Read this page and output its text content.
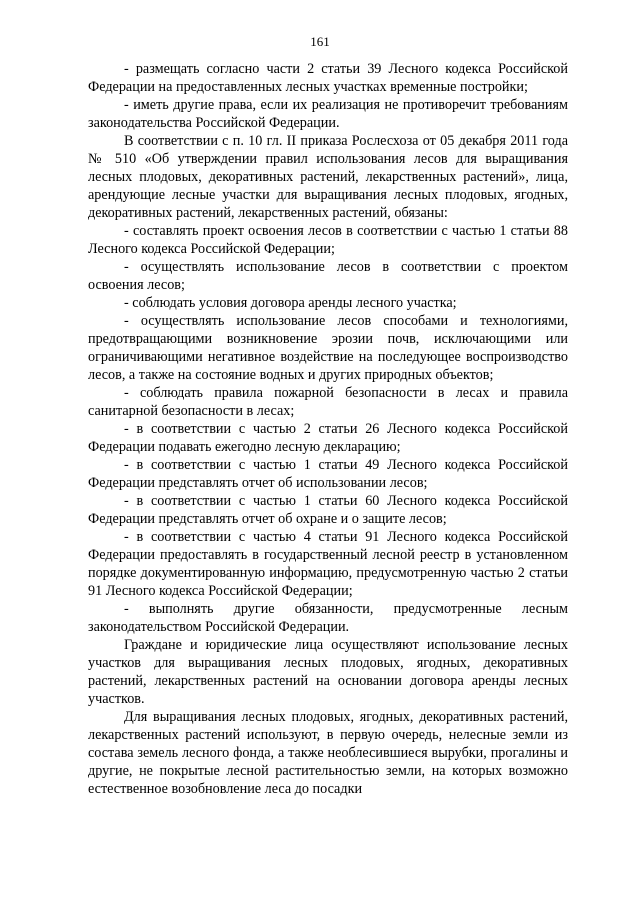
161

- размещать согласно части 2 статьи 39 Лесного кодекса Российской Федерации на предоставленных лесных участках временные постройки;

- иметь другие права, если их реализация не противоречит требованиям законодательства Российской Федерации.

В соответствии с п. 10 гл. II приказа Рослесхоза от 05 декабря 2011 года № 510 «Об утверждении правил использования лесов для выращивания лесных плодовых, декоративных растений, лекарственных растений», лица, арендующие лесные участки для выращивания лесных плодовых, ягодных, декоративных растений, лекарственных растений, обязаны:

- составлять проект освоения лесов в соответствии с частью 1 статьи 88 Лесного кодекса Российской Федерации;

- осуществлять использование лесов в соответствии с проектом освоения лесов;

- соблюдать условия договора аренды лесного участка;

- осуществлять использование лесов способами и технологиями, предотвращающими возникновение эрозии почв, исключающими или ограничивающими негативное воздействие на последующее воспроизводство лесов, а также на состояние водных и других природных объектов;

- соблюдать правила пожарной безопасности в лесах и правила санитарной безопасности в лесах;

- в соответствии с частью 2 статьи 26 Лесного кодекса Российской Федерации подавать ежегодно лесную декларацию;

- в соответствии с частью 1 статьи 49 Лесного кодекса Российской Федерации представлять отчет об использовании лесов;

- в соответствии с частью 1 статьи 60 Лесного кодекса Российской Федерации представлять отчет об охране и о защите лесов;

- в соответствии с частью 4 статьи 91 Лесного кодекса Российской Федерации предоставлять в государственный лесной реестр в установленном порядке документированную информацию, предусмотренную частью 2 статьи 91 Лесного кодекса Российской Федерации;

- выполнять другие обязанности, предусмотренные лесным законодательством Российской Федерации.

Граждане и юридические лица осуществляют использование лесных участков для выращивания лесных плодовых, ягодных, декоративных растений, лекарственных растений на основании договора аренды лесных участков.

Для выращивания лесных плодовых, ягодных, декоративных растений, лекарственных растений используют, в первую очередь, нелесные земли из состава земель лесного фонда, а также необлесившиеся вырубки, прогалины и другие, не покрытые лесной растительностью земли, на которых возможно естественное возобновление леса до посадки
